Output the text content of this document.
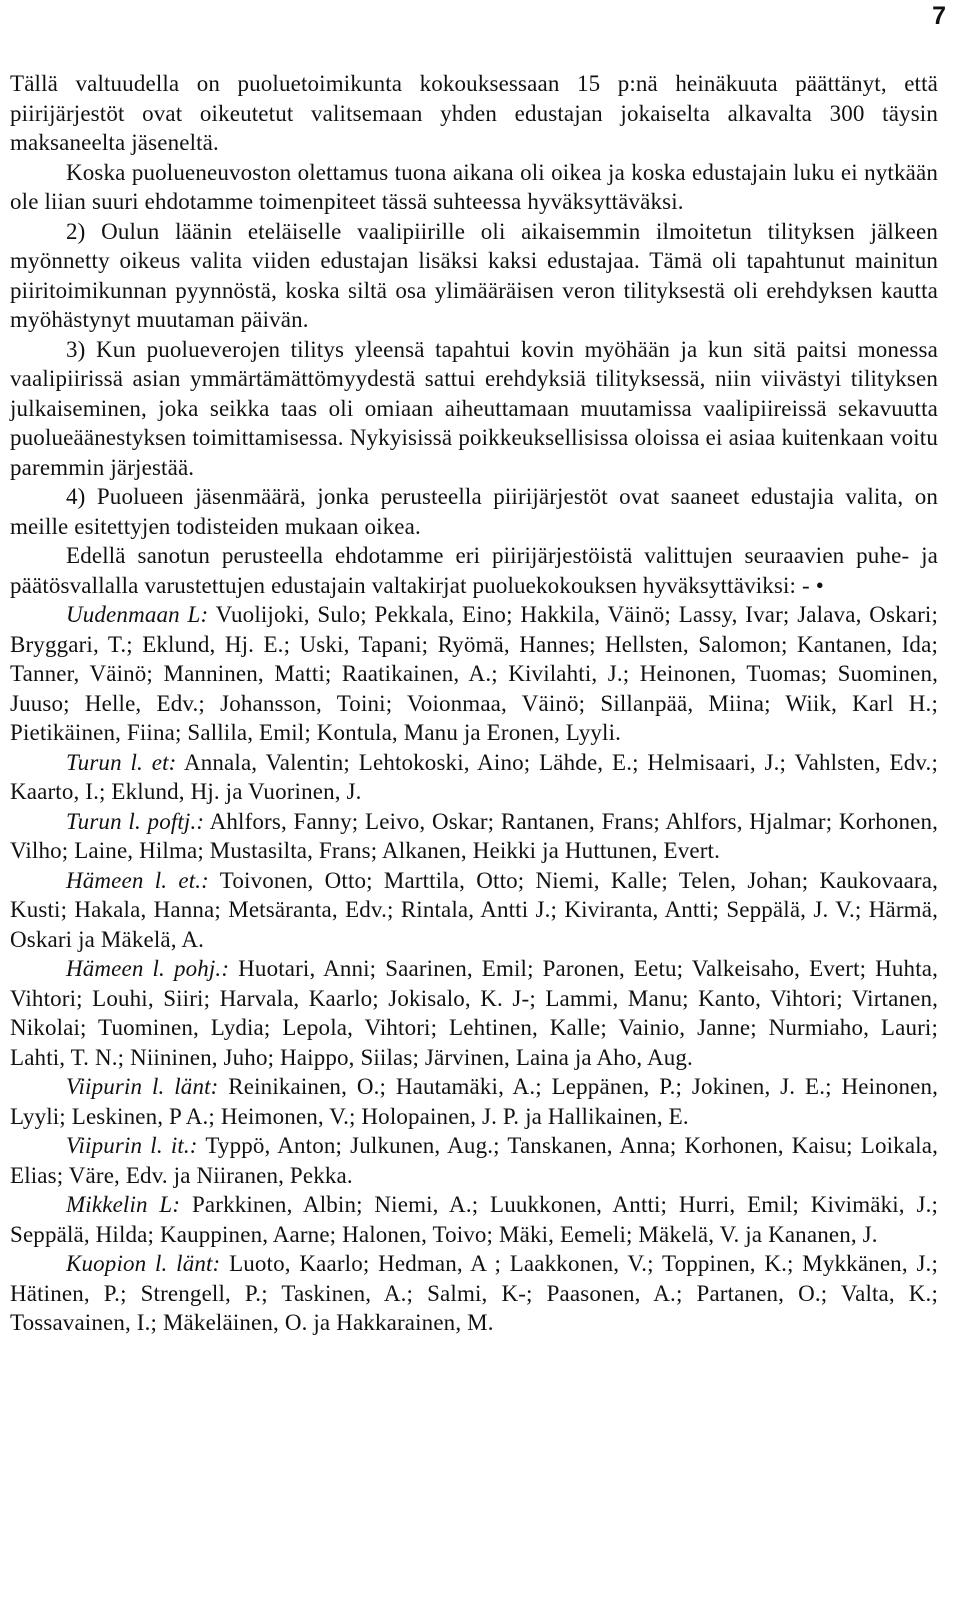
7

Tällä valtuudella on puoluetoimikunta kokouksessaan 15 p:nä heinäkuuta päättänyt, että piirijärjestöt ovat oikeutetut valitsemaan yhden edustajan jokaiselta alkavalta 300 täysin maksaneelta jäseneltä.

Koska puolueneuvoston olettamus tuona aikana oli oikea ja koska edustajain luku ei nytkään ole liian suuri ehdotamme toimenpiteet tässä suhteessa hyväksyttäväksi.

2) Oulun läänin eteläiselle vaalipiirille oli aikaisemmin ilmoitetun tilityksen jälkeen myönnetty oikeus valita viiden edustajan lisäksi kaksi edustajaa. Tämä oli tapahtunut mainitun piiritoimikunnan pyynnöstä, koska siltä osa ylimääräisen veron tilityksestä oli erehdyksen kautta myöhästynyt muutaman päivän.

3) Kun puolueverojen tilitys yleensä tapahtui kovin myöhään ja kun sitä paitsi monessa vaalipiirissä asian ymmärtämättömyydestä sattui erehdyksiä tilityksessä, niin viivästyi tilityksen julkaiseminen, joka seikka taas oli omiaan aiheuttamaan muutamissa vaalipiireissä sekavuutta puolueäänestyksen toimittamisessa. Nykyisissä poikkeuksellisissa oloissa ei asiaa kuitenkaan voitu paremmin järjestää.

4) Puolueen jäsenmäärä, jonka perusteella piirijärjestöt ovat saaneet edustajia valita, on meille esitettyjen todisteiden mukaan oikea.

Edellä sanotun perusteella ehdotamme eri piirijärjestöistä valittujen seuraavien puhe- ja päätösvallalla varustettujen edustajain valtakirjat puoluekokouksen hyväksyttäviksi: - •

Uudenmaan L: Vuolijoki, Sulo; Pekkala, Eino; Hakkila, Väinö; Lassy, Ivar; Jalava, Oskari; Bryggari, T.; Eklund, Hj. E.; Uski, Tapani; Ryömä, Hannes; Hellsten, Salomon; Kantanen, Ida; Tanner, Väinö; Manninen, Matti; Raatikainen, A.; Kivilahti, J.; Heinonen, Tuomas; Suominen, Juuso; Helle, Edv.; Johansson, Toini; Voionmaa, Väinö; Sillanpää, Miina; Wiik, Karl H.; Pietikäinen, Fiina; Sallila, Emil; Kontula, Manu ja Eronen, Lyyli.

Turun l. et: Annala, Valentin; Lehtokoski, Aino; Lähde, E.; Helmisaari, J.; Vahlsten, Edv.; Kaarto, I.; Eklund, Hj. ja Vuorinen, J.

Turun l. poftj.: Ahlfors, Fanny; Leivo, Oskar; Rantanen, Frans; Ahlfors, Hjalmar; Korhonen, Vilho; Laine, Hilma; Mustasilta, Frans; Alkanen, Heikki ja Huttunen, Evert.

Hämeen l. et.: Toivonen, Otto; Marttila, Otto; Niemi, Kalle; Telen, Johan; Kaukovaara, Kusti; Hakala, Hanna; Metsäranta, Edv.; Rintala, Antti J.; Kiviranta, Antti; Seppälä, J. V.; Härmä, Oskari ja Mäkelä, A.

Hämeen l. pohj.: Huotari, Anni; Saarinen, Emil; Paronen, Eetu; Valkeisaho, Evert; Huhta, Vihtori; Louhi, Siiri; Harvala, Kaarlo; Jokisalo, K. J-; Lammi, Manu; Kanto, Vihtori; Virtanen, Nikolai; Tuominen, Lydia; Lepola, Vihtori; Lehtinen, Kalle; Vainio, Janne; Nurmiaho, Lauri; Lahti, T. N.; Niininen, Juho; Haippo, Siilas; Järvinen, Laina ja Aho, Aug.

Viipurin l. länt: Reinikainen, O.; Hautamäki, A.; Leppänen, P.; Jokinen, J. E.; Heinonen, Lyyli; Leskinen, P A.; Heimonen, V.; Holopainen, J. P. ja Hallikainen, E.

Viipurin l. it.: Typpö, Anton; Julkunen, Aug.; Tanskanen, Anna; Korhonen, Kaisu; Loikala, Elias; Väre, Edv. ja Niiranen, Pekka.

Mikkelin L: Parkkinen, Albin; Niemi, A.; Luukkonen, Antti; Hurri, Emil; Kivimäki, J.; Seppälä, Hilda; Kauppinen, Aarne; Halonen, Toivo; Mäki, Eemeli; Mäkelä, V. ja Kananen, J.

Kuopion l. länt: Luoto, Kaarlo; Hedman, A ; Laakkonen, V.; Toppinen, K.; Mykkänen, J.; Hätinen, P.; Strengell, P.; Taskinen, A.; Salmi, K-; Paasonen, A.; Partanen, O.; Valta, K.; Tossavainen, I.; Mäkeläinen, O. ja Hakkarainen, M.
